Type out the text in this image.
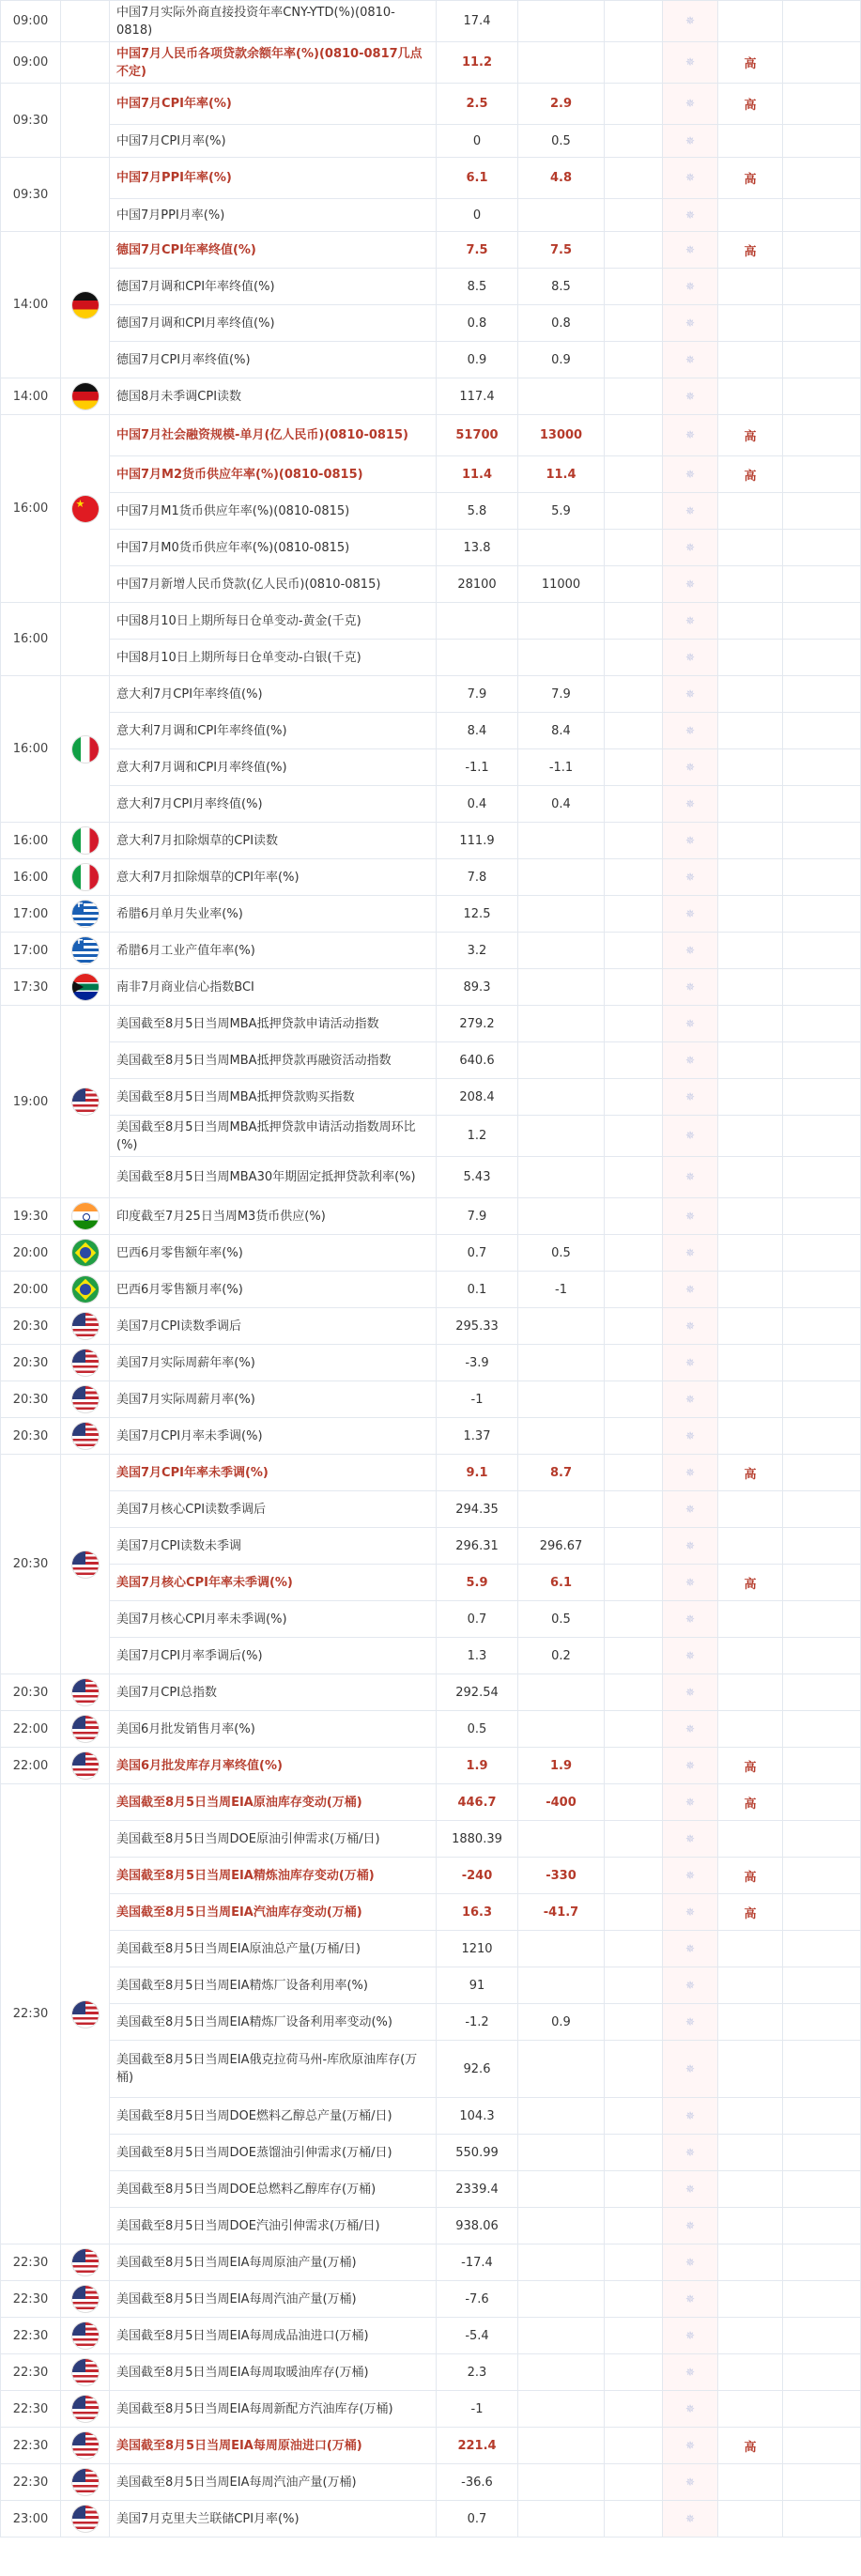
09:00		中国7月实际外商直接投资年率CNY-YTD(%)(0810-0818)	17.4			✵		
09:00		中国7月人民币各项贷款余额年率(%)(0810-0817几点不定)	11.2			✵	高	
09:30		中国7月CPI年率(%)	2.5	2.9		✵	高	
		中国7月CPI月率(%)	0	0.5		✵		
09:30		中国7月PPI年率(%)	6.1	4.8		✵	高	
		中国7月PPI月率(%)	0			✵		
14:00		德国7月CPI年率终值(%)	7.5	7.5		✵	高	
		德国7月调和CPI年率终值(%)	8.5	8.5		✵		
		德国7月调和CPI月率终值(%)	0.8	0.8		✵		
		德国7月CPI月率终值(%)	0.9	0.9		✵		
14:00		德国8月未季调CPI读数	117.4			✵		
16:00	★	中国7月社会融资规模-单月(亿人民币)(0810-0815)	51700	13000		✵	高	
		中国7月M2货币供应年率(%)(0810-0815)	11.4	11.4		✵	高	
		中国7月M1货币供应年率(%)(0810-0815)	5.8	5.9		✵		
		中国7月M0货币供应年率(%)(0810-0815)	13.8			✵		
		中国7月新增人民币贷款(亿人民币)(0810-0815)	28100	11000		✵		
16:00		中国8月10日上期所每日仓单变动-黄金(千克)				✵		
		中国8月10日上期所每日仓单变动-白银(千克)				✵		
16:00		意大利7月CPI年率终值(%)	7.9	7.9		✵		
		意大利7月调和CPI年率终值(%)	8.4	8.4		✵		
		意大利7月调和CPI月率终值(%)	-1.1	-1.1		✵		
		意大利7月CPI月率终值(%)	0.4	0.4		✵		
16:00		意大利7月扣除烟草的CPI读数	111.9			✵		
16:00		意大利7月扣除烟草的CPI年率(%)	7.8			✵		
17:00	+	希腊6月单月失业率(%)	12.5			✵		
17:00	+	希腊6月工业产值年率(%)	3.2			✵		
17:30		南非7月商业信心指数BCI	89.3			✵		
19:00		美国截至8月5日当周MBA抵押贷款申请活动指数	279.2			✵		
		美国截至8月5日当周MBA抵押贷款再融资活动指数	640.6			✵		
		美国截至8月5日当周MBA抵押贷款购买指数	208.4			✵		
		美国截至8月5日当周MBA抵押贷款申请活动指数周环比(%)	1.2			✵		
		美国截至8月5日当周MBA30年期固定抵押贷款利率(%)	5.43			✵		
19:30		印度截至7月25日当周M3货币供应(%)	7.9			✵		
20:00		巴西6月零售额年率(%)	0.7	0.5		✵		
20:00		巴西6月零售额月率(%)	0.1	-1		✵		
20:30		美国7月CPI读数季调后	295.33			✵		
20:30		美国7月实际周薪年率(%)	-3.9			✵		
20:30		美国7月实际周薪月率(%)	-1			✵		
20:30		美国7月CPI月率未季调(%)	1.37			✵		
20:30		美国7月CPI年率未季调(%)	9.1	8.7		✵	高	
		美国7月核心CPI读数季调后	294.35			✵		
		美国7月CPI读数未季调	296.31	296.67		✵		
		美国7月核心CPI年率未季调(%)	5.9	6.1		✵	高	
		美国7月核心CPI月率未季调(%)	0.7	0.5		✵		
		美国7月CPI月率季调后(%)	1.3	0.2		✵		
20:30		美国7月CPI总指数	292.54			✵		
22:00		美国6月批发销售月率(%)	0.5			✵		
22:00		美国6月批发库存月率终值(%)	1.9	1.9		✵	高	
22:30		美国截至8月5日当周EIA原油库存变动(万桶)	446.7	-400		✵	高	
		美国截至8月5日当周DOE原油引伸需求(万桶/日)	1880.39			✵		
		美国截至8月5日当周EIA精炼油库存变动(万桶)	-240	-330		✵	高	
		美国截至8月5日当周EIA汽油库存变动(万桶)	16.3	-41.7		✵	高	
		美国截至8月5日当周EIA原油总产量(万桶/日)	1210			✵		
		美国截至8月5日当周EIA精炼厂设备利用率(%)	91			✵		
		美国截至8月5日当周EIA精炼厂设备利用率变动(%)	-1.2	0.9		✵		
		美国截至8月5日当周EIA俄克拉荷马州-库欣原油库存(万桶)	92.6			✵		
		美国截至8月5日当周DOE燃料乙醇总产量(万桶/日)	104.3			✵		
		美国截至8月5日当周DOE蒸馏油引伸需求(万桶/日)	550.99			✵		
		美国截至8月5日当周DOE总燃料乙醇库存(万桶)	2339.4			✵		
		美国截至8月5日当周DOE汽油引伸需求(万桶/日)	938.06			✵		
22:30		美国截至8月5日当周EIA每周原油产量(万桶)	-17.4			✵		
22:30		美国截至8月5日当周EIA每周汽油产量(万桶)	-7.6			✵		
22:30		美国截至8月5日当周EIA每周成品油进口(万桶)	-5.4			✵		
22:30		美国截至8月5日当周EIA每周取暖油库存(万桶)	2.3			✵		
22:30		美国截至8月5日当周EIA每周新配方汽油库存(万桶)	-1			✵		
22:30		美国截至8月5日当周EIA每周原油进口(万桶)	221.4			✵	高	
22:30		美国截至8月5日当周EIA每周汽油产量(万桶)	-36.6			✵		
23:00		美国7月克里夫兰联储CPI月率(%)	0.7			✵		
